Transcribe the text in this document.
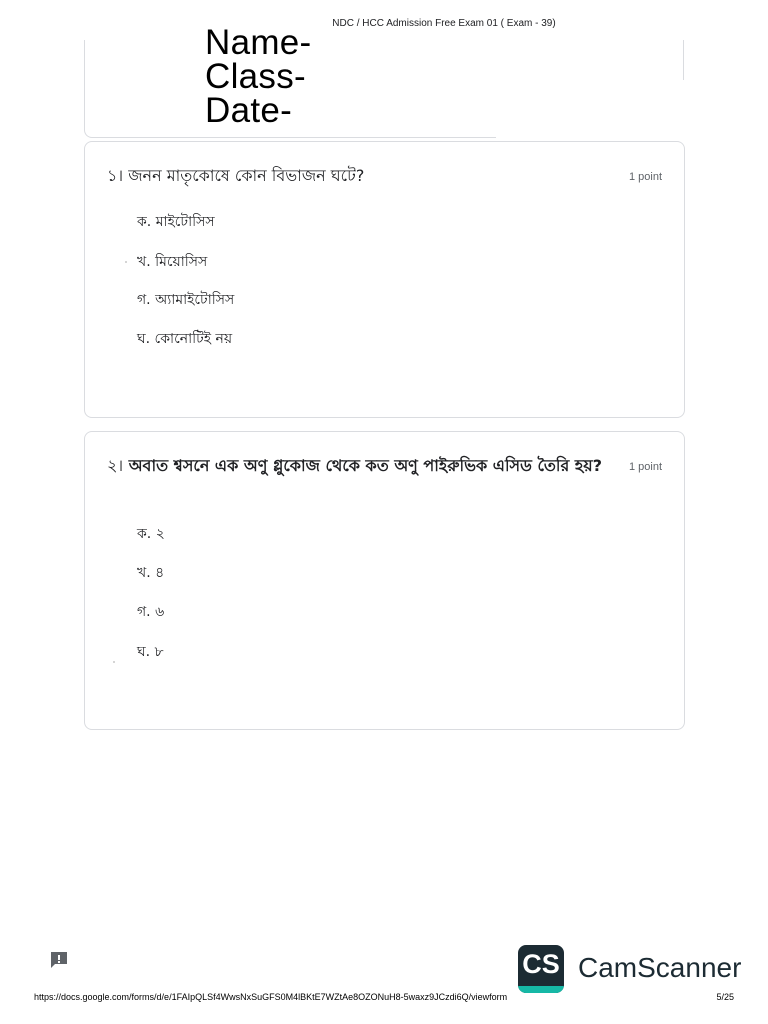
NDC / HCC Admission Free Exam 01 ( Exam - 39)
Name-
Class-
Date-
১। জনন মাতৃকোষে কোন বিভাজন ঘটে?	1 point
ক. মাইটোসিস
খ. মিয়োসিস
গ. অ্যামাইটোসিস
ঘ. কোনোটিই নয়
২। অবাত শ্বসনে এক অণু গ্লুকোজ থেকে কত অণু পাইরুভিক এসিড তৈরি হয়?	1 point
ক. ২
খ. ৪
গ. ৬
ঘ. ৮
CS CamScanner
https://docs.google.com/forms/d/e/1FAIpQLSf4WwsNxSuGFS0M4lBKtE7WZtAe8OZONuH8-5waxz9JCzdi6Q/viewform	5/25
